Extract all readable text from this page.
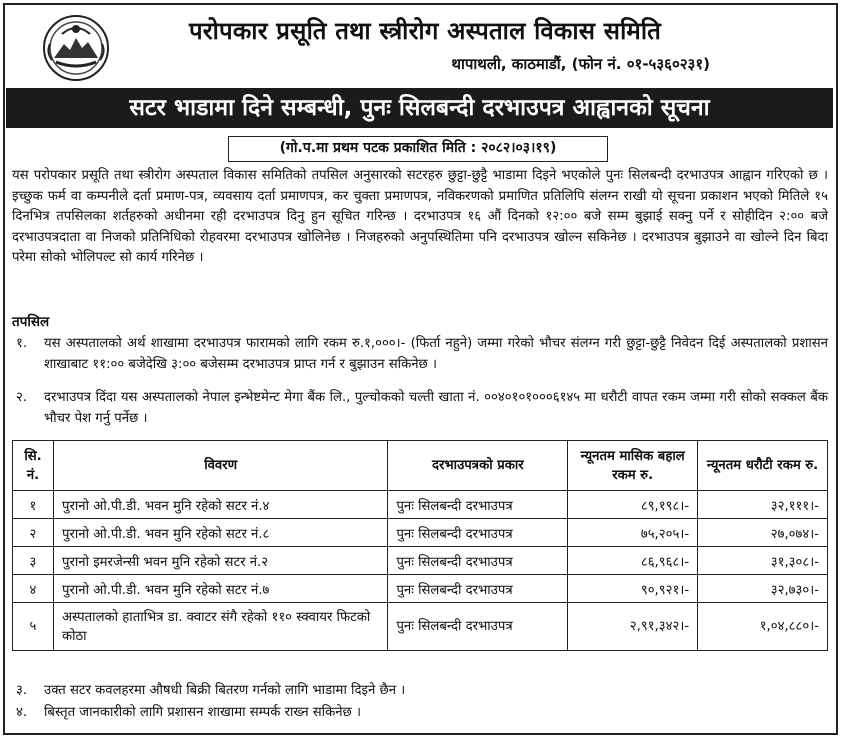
परोपकार प्रसूति तथा स्त्रीरोग अस्पताल विकास समिति
थापाथली, काठमाडौं, (फोन नं. ०१-५३६०२३१)
सटर भाडामा दिने सम्बन्धी, पुनः सिलबन्दी दरभाउपत्र आह्वानको सूचना
(गो.प.मा प्रथम पटक प्रकाशित मिति : २०८२।०३।१९)

यस परोपकार प्रसूति तथा स्त्रीरोग अस्पताल विकास समितिको तपसिल अनुसारको सटरहरु छुट्टा-छुट्टै भाडामा दिइने भएकोले पुनः सिलबन्दी दरभाउपत्र आह्वान गरिएको छ । इच्छुक फर्म वा कम्पनीले दर्ता प्रमाण-पत्र, व्यवसाय दर्ता प्रमाणपत्र, कर चुक्ता प्रमाणपत्र, नविकरणको प्रमाणित प्रतिलिपि संलग्न राखी यो सूचना प्रकाशन भएको मितिले १५ दिनभित्र तपसिलका शर्तहरुको अधीनमा रही दरभाउपत्र दिनु हुन सूचित गरिन्छ । दरभाउपत्र १६ औं दिनको १२:०० बजे सम्म बुझाई सक्नु पर्ने र सोहीदिन २:०० बजे दरभाउपत्रदाता वा निजको प्रतिनिधिको रोहवरमा दरभाउपत्र खोलिनेछ । निजहरुको अनुपस्थितिमा पनि दरभाउपत्र खोल्न सकिनेछ । दरभाउपत्र बुझाउने वा खोल्ने दिन बिदा परेमा सोको भोलिपल्ट सो कार्य गरिनेछ ।

तपसिल
१. यस अस्पतालको अर्थ शाखामा दरभाउपत्र फारामको लागि रकम रु.१,०००।- (फिर्ता नहुने) जम्मा गरेको भौचर संलग्न गरी छुट्टा-छुट्टै निवेदन दिई अस्पतालको प्रशासन शाखाबाट ११:०० बजेदेखि ३:०० बजेसम्म दरभाउपत्र प्राप्त गर्न र बुझाउन सकिनेछ ।

२. दरभाउपत्र दिंदा यस अस्पतालको नेपाल इन्भेष्टमेन्ट मेगा बैंक लि., पुल्चोकको चल्ती खाता नं. ००४०१०१०००६१४५ मा धरौटी वापत रकम जम्मा गरी सोको सक्कल बैंक भौचर पेश गर्नु पर्नेछ ।

सि. नं.	विवरण	दरभाउपत्रको प्रकार	न्यूनतम मासिक बहाल रकम रु.	न्यूनतम धरौटी रकम रु.
१	पुरानो ओ.पी.डी. भवन मुनि रहेको सटर नं.४	पुनः सिलबन्दी दरभाउपत्र	८९,१९८।-	३२,१११।-
२	पुरानो ओ.पी.डी. भवन मुनि रहेको सटर नं.८	पुनः सिलबन्दी दरभाउपत्र	७५,२०५।-	२७,०७४।-
३	पुरानो इमरजेन्सी भवन मुनि रहेको सटर नं.२	पुनः सिलबन्दी दरभाउपत्र	८६,९६८।-	३१,३०८।-
४	पुरानो ओ.पी.डी. भवन मुनि रहेको सटर नं.७	पुनः सिलबन्दी दरभाउपत्र	९०,९२१।-	३२,७३०।-
५	अस्पतालको हाताभित्र डा. क्वाटर संगै रहेको ११० स्क्वायर फिटको कोठा	पुनः सिलबन्दी दरभाउपत्र	२,९१,३४२।-	१,०४,८८०।-
३. उक्त सटर कवलहरमा औषधी बिक्री बितरण गर्नको लागि भाडामा दिइने छैन ।

४. बिस्तृत जानकारीको लागि प्रशासन शाखामा सम्पर्क राख्न सकिनेछ ।
